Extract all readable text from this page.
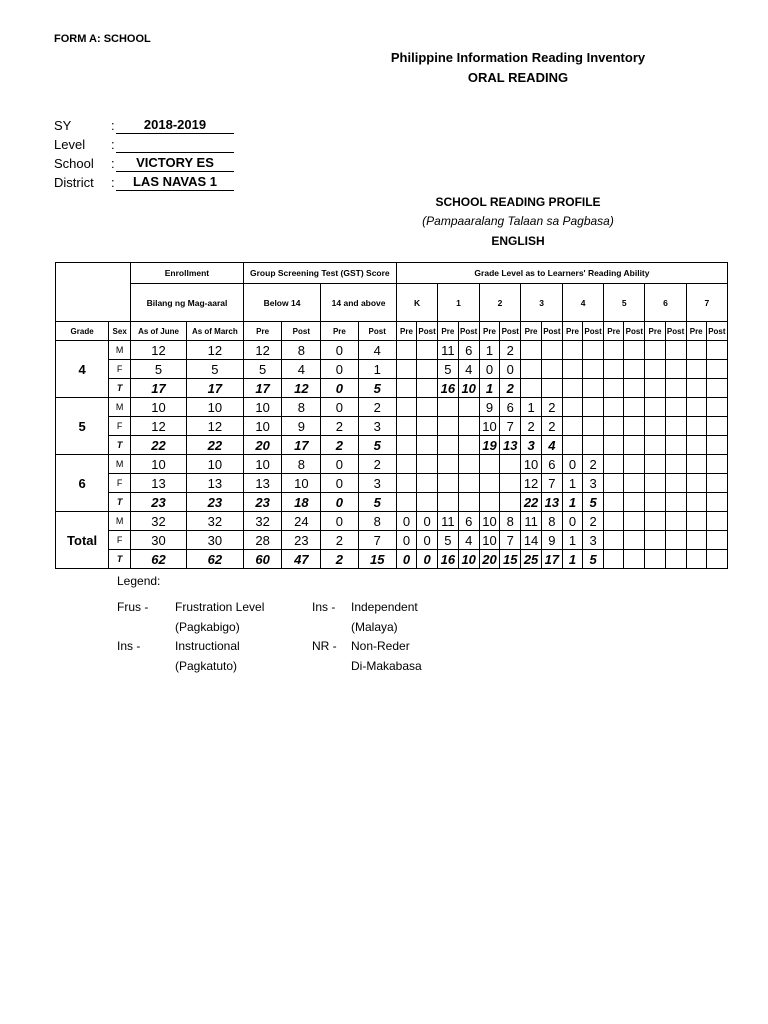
FORM A: SCHOOL
Philippine Information Reading Inventory
ORAL READING
SY	:	2018-2019
Level :
School :	VICTORY ES
District :	LAS NAVAS 1
SCHOOL READING PROFILE
(Pampaaralang Talaan sa Pagbasa)
ENGLISH
		Enrollment		Group Screening Test (GST) Score				Grade Level as to Learners' Reading Ability															
		Bilang ng Mag-aaral		Below 14		14 and above		K		1		2		3		4		5		6		7	
Grade	Sex	As of June	As of March	Pre	Post	Pre	Post	Pre	Post	Pre	Post	Pre	Post	Pre	Post	Pre	Post	Pre	Post	Pre	Post	Pre	Post
4	M	12	12	12	8	0	4			11	6	1	2										
	F	5	5	5	4	0	1			5	4	0	0										
	T	17	17	17	12	0	5			16	10	1	2										
5	M	10	10	10	8	0	2					9	6	1	2								
	F	12	12	10	9	2	3					10	7	2	2								
	T	22	22	20	17	2	5					19	13	3	4								
6	M	10	10	10	8	0	2							10	6	0	2						
	F	13	13	13	10	0	3							12	7	1	3						
	T	23	23	23	18	0	5							22	13	1	5						
Total	M	32	32	32	24	0	8	0	0	11	6	10	8	11	8	0	2						
	F	30	30	28	23	2	7	0	0	5	4	10	7	14	9	1	3						
	T	62	62	60	47	2	15	0	0	16	10	20	15	25	17	1	5						
Legend:
Frus - Frustration Level
(Pagkabigo)
Ins - Independent
(Malaya)
Ins -	Instructional
(Pagkatuto)
NR - Non-Reder
Di-Makabasa
